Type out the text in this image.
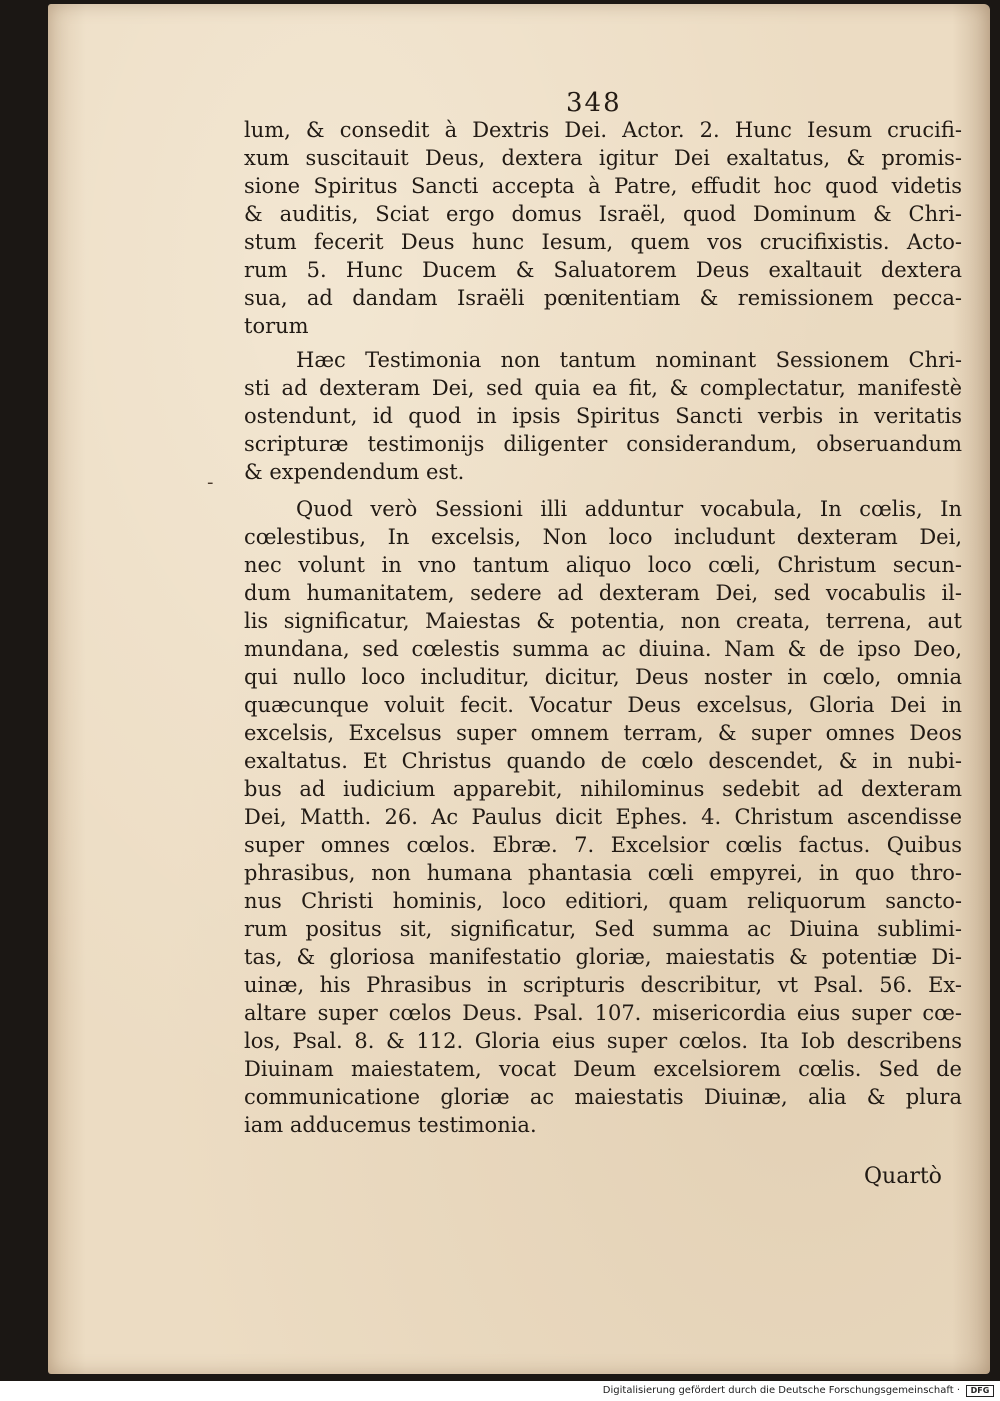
348
-
lum, & consedit à Dextris Dei. Actor. 2. Hunc Iesum crucifi-
xum suscitauit Deus, dextera igitur Dei exaltatus, & promis-
sione Spiritus Sancti accepta à Patre, effudit hoc quod videtis
& auditis, Sciat ergo domus Israël, quod Dominum & Chri-
stum fecerit Deus hunc Iesum, quem vos crucifixistis. Acto-
rum 5. Hunc Ducem & Saluatorem Deus exaltauit dextera
sua, ad dandam Israëli pœnitentiam & remissionem pecca-
torum
Hæc Testimonia non tantum nominant Sessionem Chri-
sti ad dexteram Dei, sed quia ea fit, & complectatur, manifestè
ostendunt, id quod in ipsis Spiritus Sancti verbis in veritatis
scripturæ testimonijs diligenter considerandum, obseruandum
& expendendum est.
Quod verò Sessioni illi adduntur vocabula, In cœlis, In
cœlestibus, In excelsis, Non loco includunt dexteram Dei,
nec volunt in vno tantum aliquo loco cœli, Christum secun-
dum humanitatem, sedere ad dexteram Dei, sed vocabulis il-
lis significatur, Maiestas & potentia, non creata, terrena, aut
mundana, sed cœlestis summa ac diuina. Nam & de ipso Deo,
qui nullo loco includitur, dicitur, Deus noster in cœlo, omnia
quæcunque voluit fecit. Vocatur Deus excelsus, Gloria Dei in
excelsis, Excelsus super omnem terram, & super omnes Deos
exaltatus. Et Christus quando de cœlo descendet, & in nubi-
bus ad iudicium apparebit, nihilominus sedebit ad dexteram
Dei, Matth. 26. Ac Paulus dicit Ephes. 4. Christum ascendisse
super omnes cœlos. Ebræ. 7. Excelsior cœlis factus. Quibus
phrasibus, non humana phantasia cœli empyrei, in quo thro-
nus Christi hominis, loco editiori, quam reliquorum sancto-
rum positus sit, significatur, Sed summa ac Diuina sublimi-
tas, & gloriosa manifestatio gloriæ, maiestatis & potentiæ Di-
uinæ, his Phrasibus in scripturis describitur, vt Psal. 56. Ex-
altare super cœlos Deus. Psal. 107. misericordia eius super cœ-
los, Psal. 8. & 112. Gloria eius super cœlos. Ita Iob describens
Diuinam maiestatem, vocat Deum excelsiorem cœlis. Sed de
communicatione gloriæ ac maiestatis Diuinæ, alia & plura
iam adducemus testimonia.
Quartò
Digitalisierung gefördert durch die Deutsche Forschungsgemeinschaft ·	DFG
